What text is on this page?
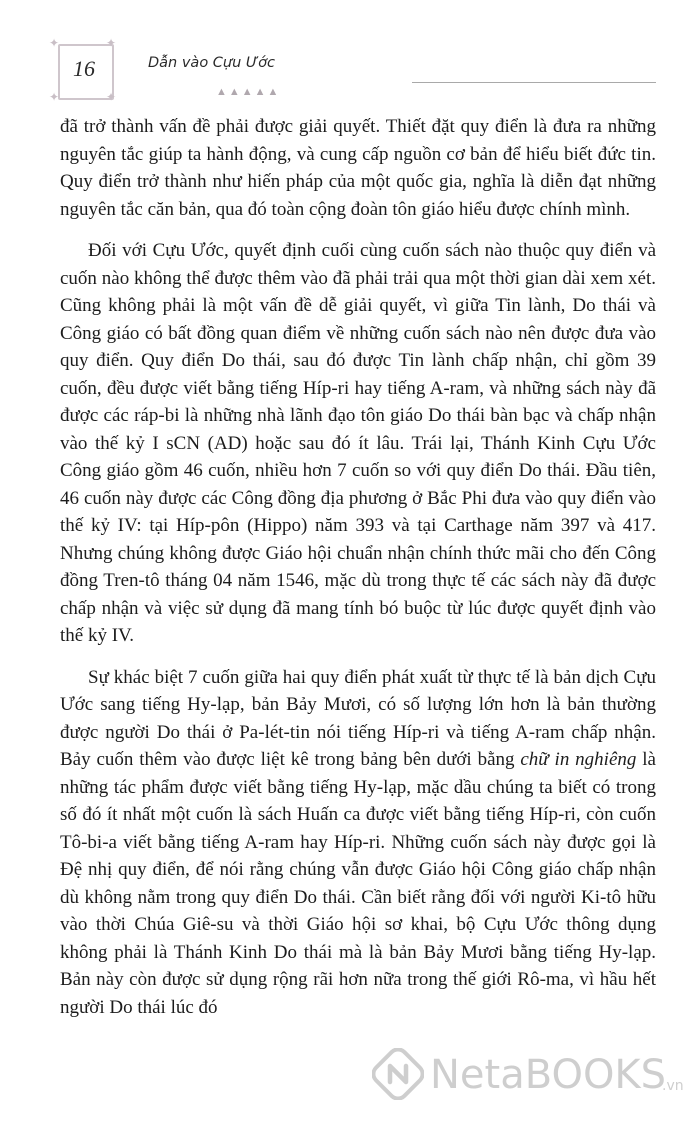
✦	✦
✦	✦
16	Dẫn vào Cựu Ước
▲▲▲▲▲

đã trở thành vấn đề phải được giải quyết. Thiết đặt quy điển là đưa ra những nguyên tắc giúp ta hành động, và cung cấp nguồn cơ bản để hiểu biết đức tin. Quy điển trở thành như hiến pháp của một quốc gia, nghĩa là diễn đạt những nguyên tắc căn bản, qua đó toàn cộng đoàn tôn giáo hiểu được chính mình.

Đối với Cựu Ước, quyết định cuối cùng cuốn sách nào thuộc quy điển và cuốn nào không thể được thêm vào đã phải trải qua một thời gian dài xem xét. Cũng không phải là một vấn đề dễ giải quyết, vì giữa Tin lành, Do thái và Công giáo có bất đồng quan điểm về những cuốn sách nào nên được đưa vào quy điển. Quy điển Do thái, sau đó được Tin lành chấp nhận, chỉ gồm 39 cuốn, đều được viết bằng tiếng Híp-ri hay tiếng A-ram, và những sách này đã được các ráp-bi là những nhà lãnh đạo tôn giáo Do thái bàn bạc và chấp nhận vào thế kỷ I sCN (AD) hoặc sau đó ít lâu. Trái lại, Thánh Kinh Cựu Ước Công giáo gồm 46 cuốn, nhiều hơn 7 cuốn so với quy điển Do thái. Đầu tiên, 46 cuốn này được các Công đồng địa phương ở Bắc Phi đưa vào quy điển vào thế kỷ IV: tại Híp-pôn (Hippo) năm 393 và tại Carthage năm 397 và 417. Nhưng chúng không được Giáo hội chuẩn nhận chính thức mãi cho đến Công đồng Tren-tô tháng 04 năm 1546, mặc dù trong thực tế các sách này đã được chấp nhận và việc sử dụng đã mang tính bó buộc từ lúc được quyết định vào thế kỷ IV.

Sự khác biệt 7 cuốn giữa hai quy điển phát xuất từ thực tế là bản dịch Cựu Ước sang tiếng Hy-lạp, bản Bảy Mươi, có số lượng lớn hơn là bản thường được người Do thái ở Pa-lét-tin nói tiếng Híp-ri và tiếng A-ram chấp nhận. Bảy cuốn thêm vào được liệt kê trong bảng bên dưới bằng chữ in nghiêng là những tác phẩm được viết bằng tiếng Hy-lạp, mặc dầu chúng ta biết có trong số đó ít nhất một cuốn là sách Huấn ca được viết bằng tiếng Híp-ri, còn cuốn Tô-bi-a viết bằng tiếng A-ram hay Híp-ri. Những cuốn sách này được gọi là Đệ nhị quy điển, để nói rằng chúng vẫn được Giáo hội Công giáo chấp nhận dù không nằm trong quy điển Do thái. Cần biết rằng đối với người Ki-tô hữu vào thời Chúa Giê-su và thời Giáo hội sơ khai, bộ Cựu Ước thông dụng không phải là Thánh Kinh Do thái mà là bản Bảy Mươi bằng tiếng Hy-lạp. Bản này còn được sử dụng rộng rãi hơn nữa trong thế giới Rô-ma, vì hầu hết người Do thái lúc đó

NetaBOOKS
.vn
